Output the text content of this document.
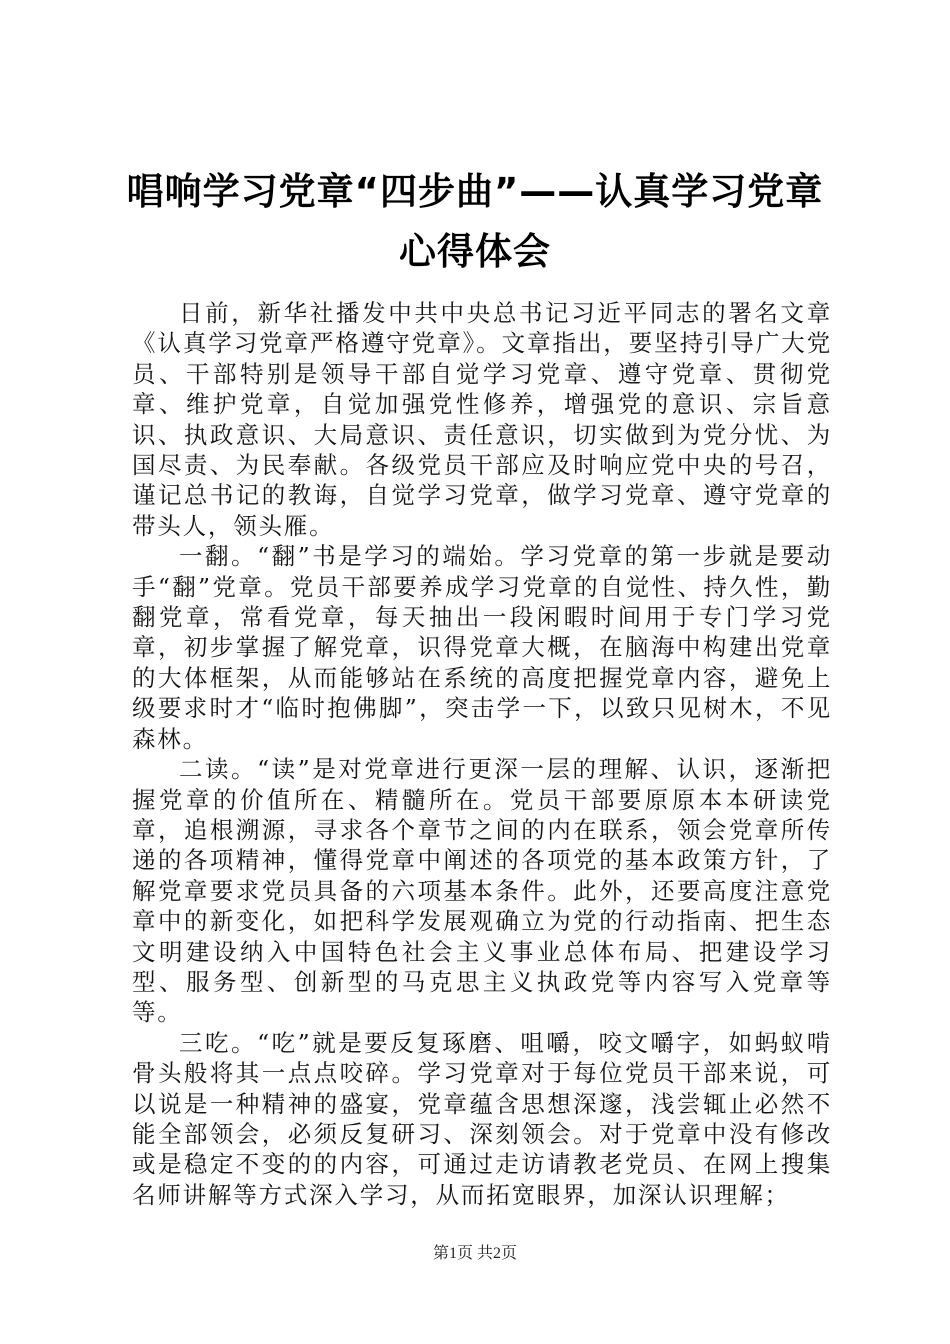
唱响学习党章“四步曲”——认真学习党章心得体会

日前，新华社播发中共中央总书记习近平同志的署名文章《认真学习党章严格遵守党章》。文章指出，要坚持引导广大党员、干部特别是领导干部自觉学习党章、遵守党章、贯彻党章、维护党章，自觉加强党性修养，增强党的意识、宗旨意识、执政意识、大局意识、责任意识，切实做到为党分忧、为国尽责、为民奉献。各级党员干部应及时响应党中央的号召，谨记总书记的教诲，自觉学习党章，做学习党章、遵守党章的带头人，领头雁。

一翻。“翻”书是学习的端始。学习党章的第一步就是要动手“翻”党章。党员干部要养成学习党章的自觉性、持久性，勤翻党章，常看党章，每天抽出一段闲暇时间用于专门学习党章，初步掌握了解党章，识得党章大概，在脑海中构建出党章的大体框架，从而能够站在系统的高度把握党章内容，避免上级要求时才“临时抱佛脚”，突击学一下，以致只见树木，不见森林。

二读。“读”是对党章进行更深一层的理解、认识，逐渐把握党章的价值所在、精髓所在。党员干部要原原本本研读党章，追根溯源，寻求各个章节之间的内在联系，领会党章所传递的各项精神，懂得党章中阐述的各项党的基本政策方针，了解党章要求党员具备的六项基本条件。此外，还要高度注意党章中的新变化，如把科学发展观确立为党的行动指南、把生态文明建设纳入中国特色社会主义事业总体布局、把建设学习型、服务型、创新型的马克思主义执政党等内容写入党章等等。

三吃。“吃”就是要反复琢磨、咀嚼，咬文嚼字，如蚂蚁啃骨头般将其一点点咬碎。学习党章对于每位党员干部来说，可以说是一种精神的盛宴，党章蕴含思想深邃，浅尝辄止必然不能全部领会，必须反复研习、深刻领会。对于党章中没有修改或是稳定不变的的内容，可通过走访请教老党员、在网上搜集名师讲解等方式深入学习，从而拓宽眼界，加深认识理解；

第1页 共2页
